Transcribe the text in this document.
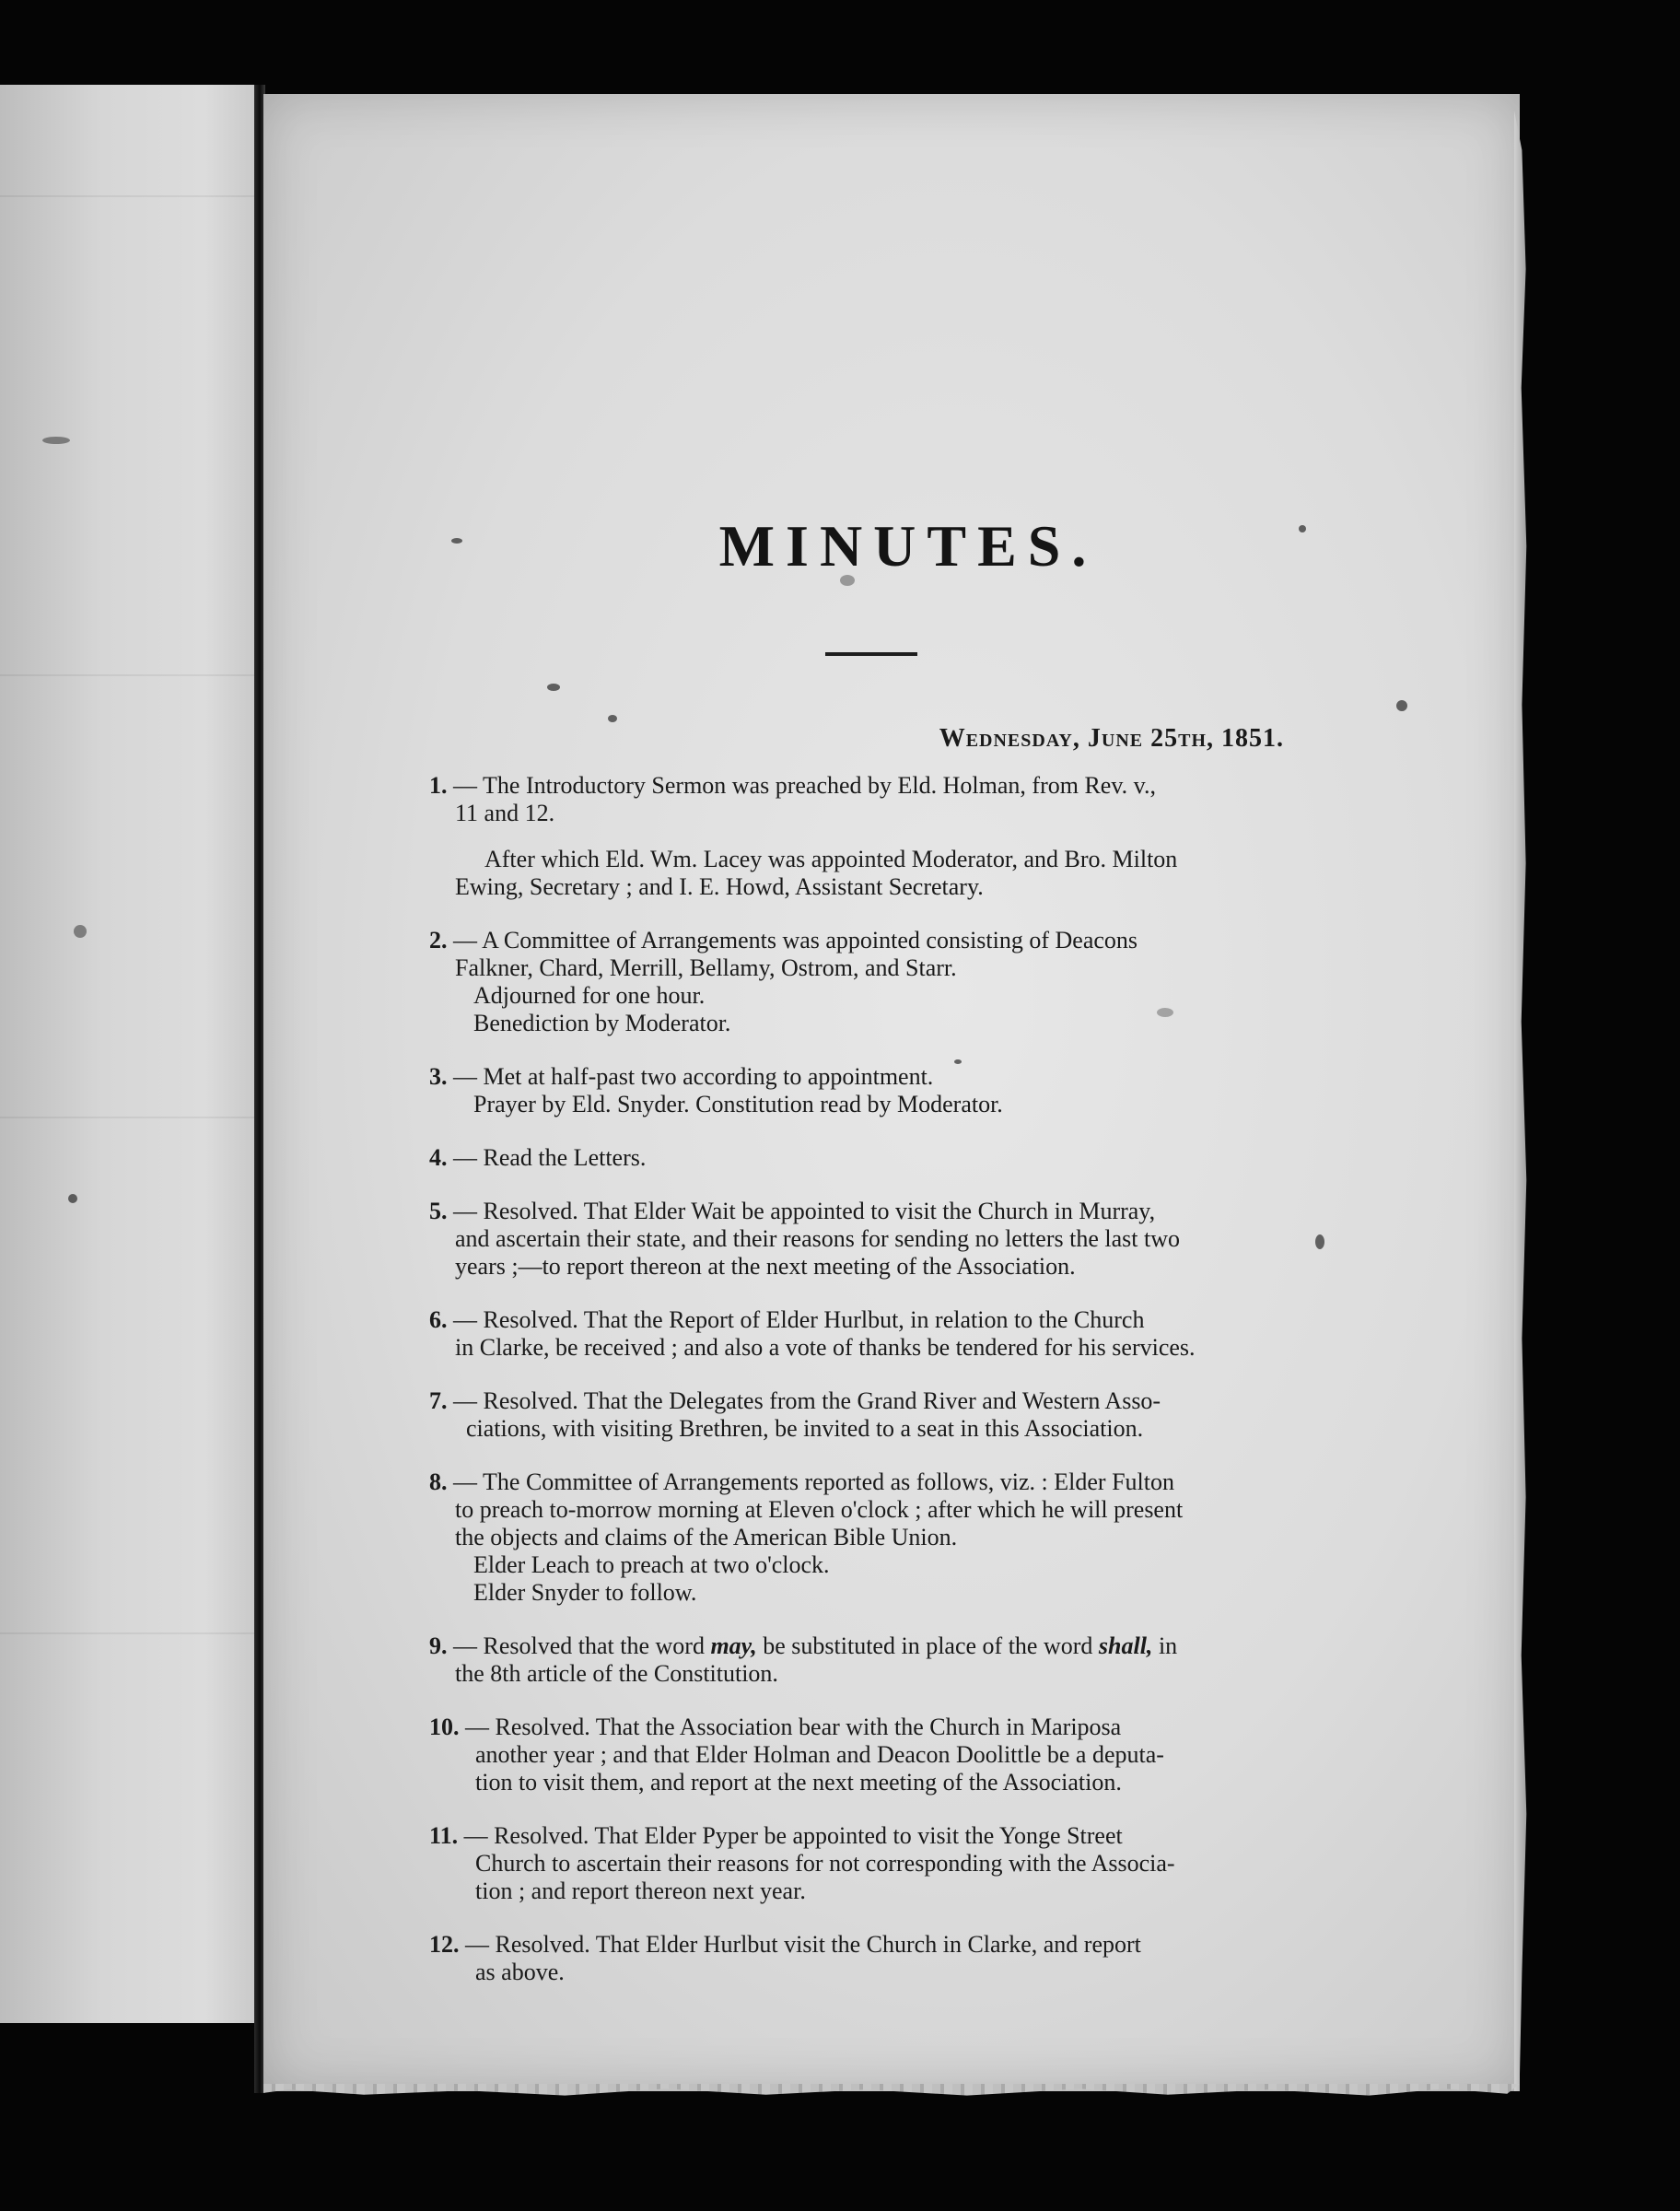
MINUTES.

Wednesday, June 25th, 1851.

1. — The Introductory Sermon was preached by Eld. Holman, from Rev. v.,

11 and 12.

After which Eld. Wm. Lacey was appointed Moderator, and Bro. Milton

Ewing, Secretary ; and I. E. Howd, Assistant Secretary.

2. — A Committee of Arrangements was appointed consisting of Deacons

Falkner, Chard, Merrill, Bellamy, Ostrom, and Starr.

Adjourned for one hour.

Benediction by Moderator.

3. — Met at half-past two according to appointment.

Prayer by Eld. Snyder. Constitution read by Moderator.

4. — Read the Letters.

5. — Resolved. That Elder Wait be appointed to visit the Church in Murray,

and ascertain their state, and their reasons for sending no letters the last two

years ;—to report thereon at the next meeting of the Association.

6. — Resolved. That the Report of Elder Hurlbut, in relation to the Church

in Clarke, be received ; and also a vote of thanks be tendered for his services.

7. — Resolved. That the Delegates from the Grand River and Western Asso-

ciations, with visiting Brethren, be invited to a seat in this Association.

8. — The Committee of Arrangements reported as follows, viz. : Elder Fulton

to preach to-morrow morning at Eleven o'clock ; after which he will present

the objects and claims of the American Bible Union.

Elder Leach to preach at two o'clock.

Elder Snyder to follow.

9. — Resolved that the word may, be substituted in place of the word shall, in

the 8th article of the Constitution.

10. — Resolved. That the Association bear with the Church in Mariposa

another year ; and that Elder Holman and Deacon Doolittle be a deputa-

tion to visit them, and report at the next meeting of the Association.

11. — Resolved. That Elder Pyper be appointed to visit the Yonge Street

Church to ascertain their reasons for not corresponding with the Associa-

tion ; and report thereon next year.

12. — Resolved. That Elder Hurlbut visit the Church in Clarke, and report

as above.
